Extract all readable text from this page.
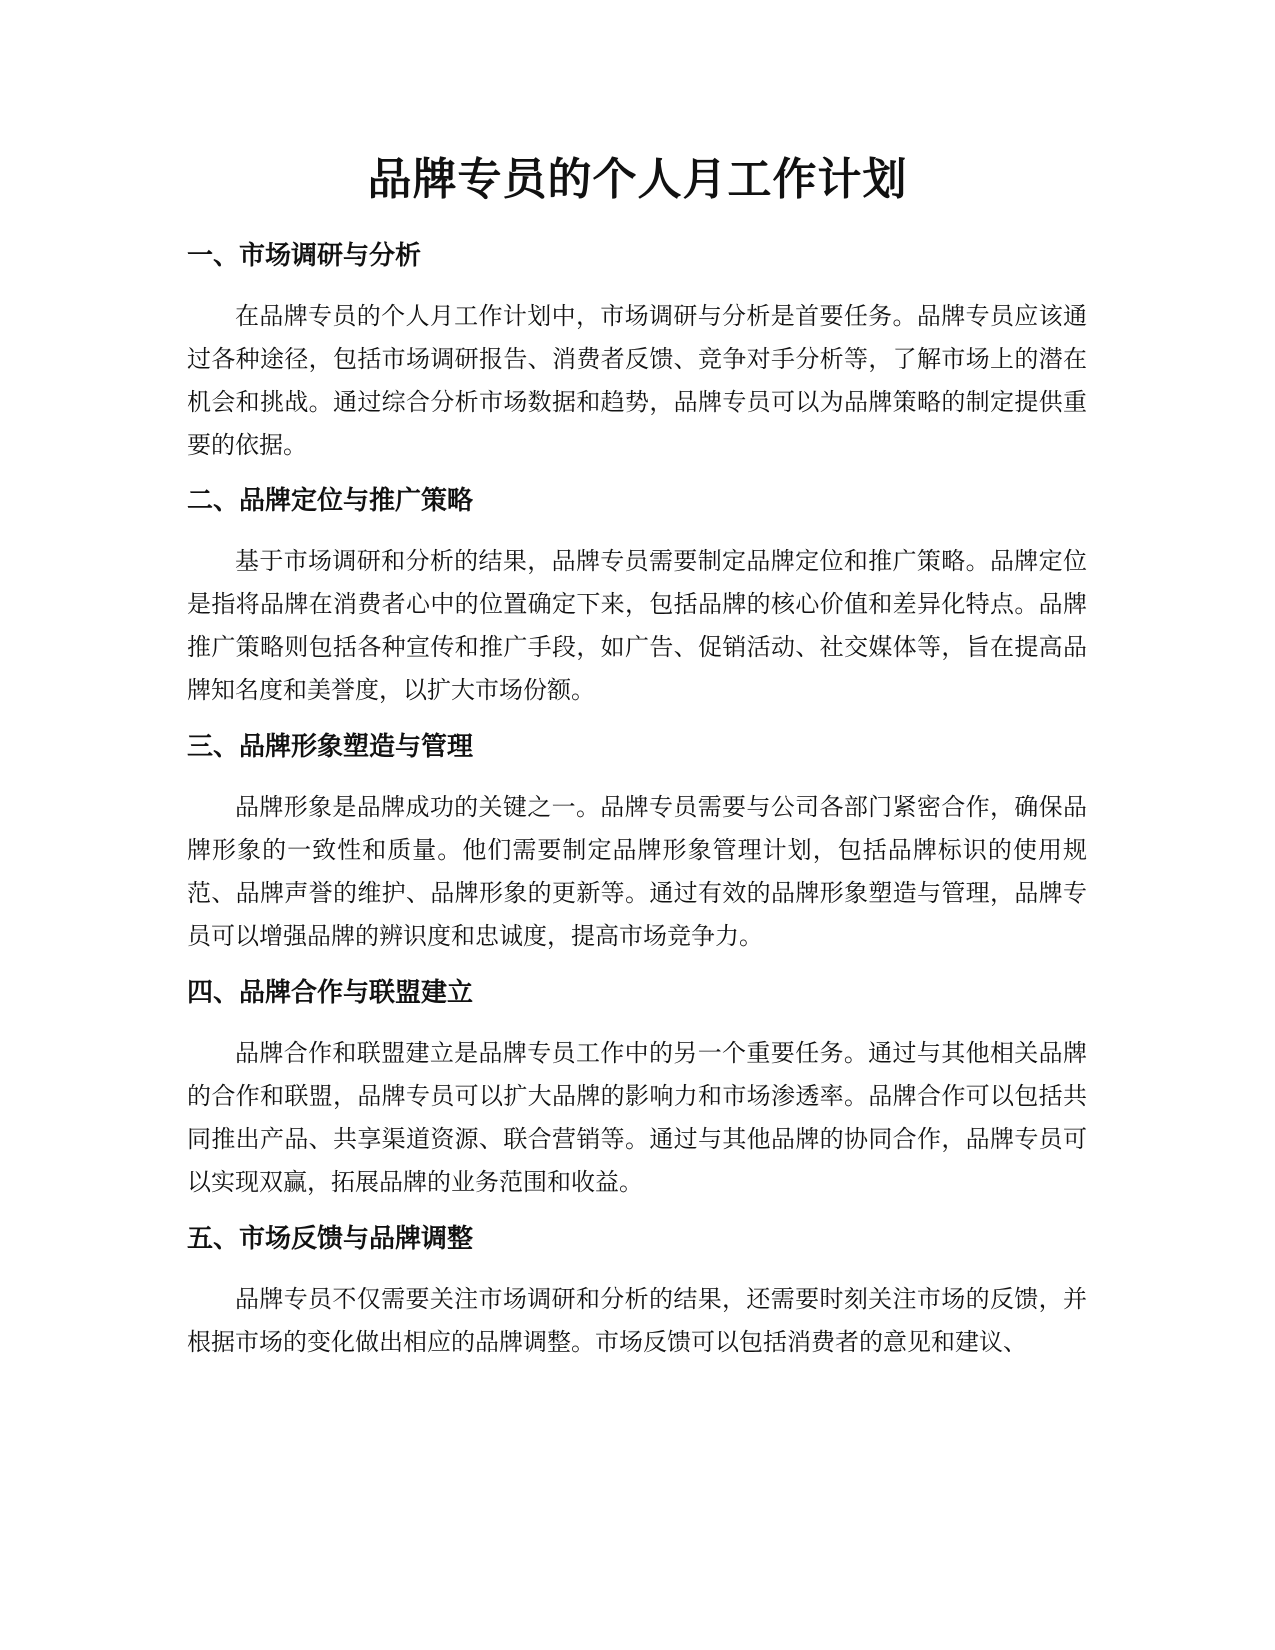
品牌专员的个人月工作计划
一、市场调研与分析

在品牌专员的个人月工作计划中，市场调研与分析是首要任务。品牌专员应该通过各种途径，包括市场调研报告、消费者反馈、竞争对手分析等，了解市场上的潜在机会和挑战。通过综合分析市场数据和趋势，品牌专员可以为品牌策略的制定提供重要的依据。

二、品牌定位与推广策略

基于市场调研和分析的结果，品牌专员需要制定品牌定位和推广策略。品牌定位是指将品牌在消费者心中的位置确定下来，包括品牌的核心价值和差异化特点。品牌推广策略则包括各种宣传和推广手段，如广告、促销活动、社交媒体等，旨在提高品牌知名度和美誉度，以扩大市场份额。

三、品牌形象塑造与管理

品牌形象是品牌成功的关键之一。品牌专员需要与公司各部门紧密合作，确保品牌形象的一致性和质量。他们需要制定品牌形象管理计划，包括品牌标识的使用规范、品牌声誉的维护、品牌形象的更新等。通过有效的品牌形象塑造与管理，品牌专员可以增强品牌的辨识度和忠诚度，提高市场竞争力。

四、品牌合作与联盟建立

品牌合作和联盟建立是品牌专员工作中的另一个重要任务。通过与其他相关品牌的合作和联盟，品牌专员可以扩大品牌的影响力和市场渗透率。品牌合作可以包括共同推出产品、共享渠道资源、联合营销等。通过与其他品牌的协同合作，品牌专员可以实现双赢，拓展品牌的业务范围和收益。

五、市场反馈与品牌调整

品牌专员不仅需要关注市场调研和分析的结果，还需要时刻关注市场的反馈，并根据市场的变化做出相应的品牌调整。市场反馈可以包括消费者的意见和建议、
